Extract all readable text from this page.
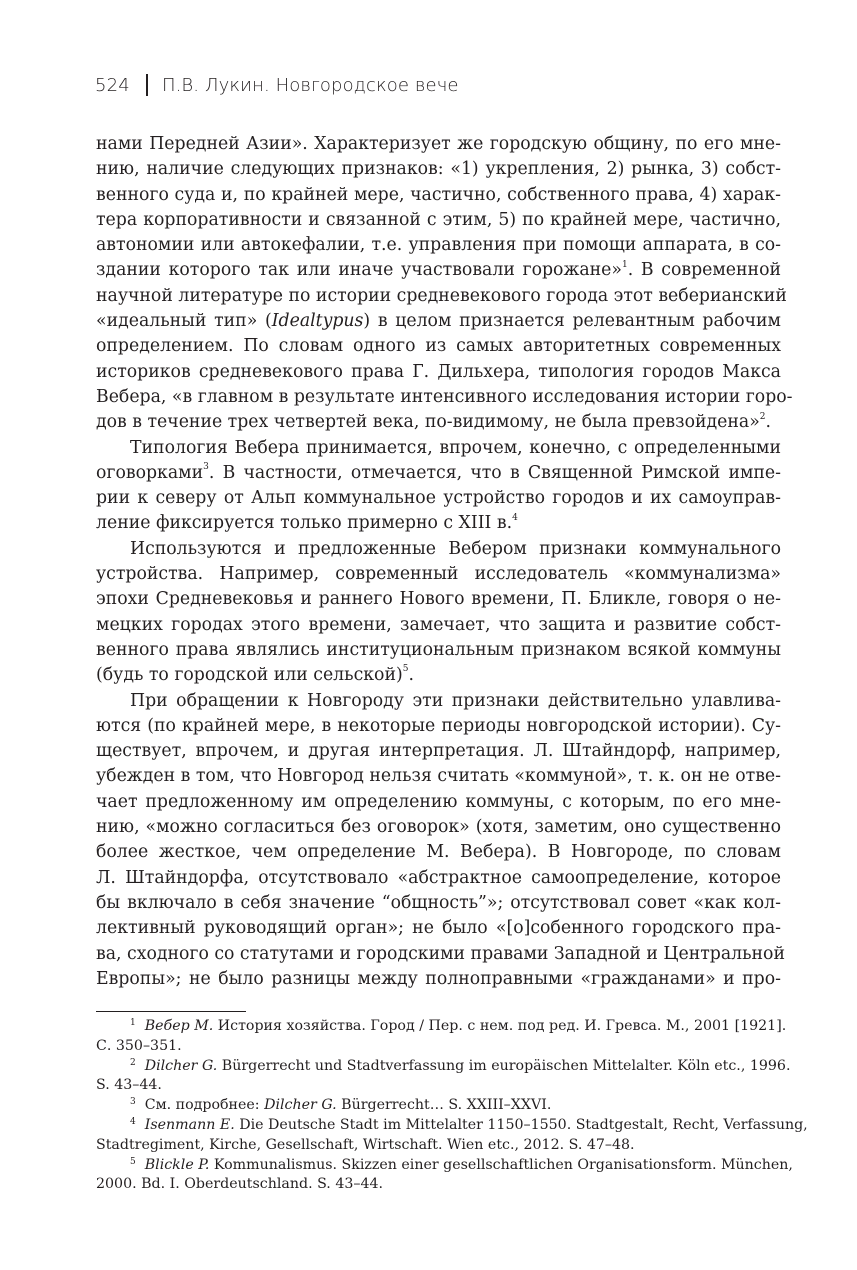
524 П.В. Лукин. Новгородское вече
нами Передней Азии». Характеризует же городскую общину, по его мне-
нию, наличие следующих признаков: «1) укрепления, 2) рынка, 3) собст-
венного суда и, по крайней мере, частично, собственного права, 4) харак-
тера корпоративности и связанной с этим, 5) по крайней мере, частично,
автономии или автокефалии, т.е. управления при помощи аппарата, в со-
здании которого так или иначе участвовали горожане»$^1$. В современной
научной литературе по истории средневекового города этот веберианский
«идеальный тип» (Idealtypus) в целом признается релевантным рабочим
определением. По словам одного из самых авторитетных современных
историков средневекового права Г. Дильхера, типология городов Макса
Вебера, «в главном в результате интенсивного исследования истории горо-
дов в течение трех четвертей века, по-видимому, не была превзойдена»$^2$.
Типология Вебера принимается, впрочем, конечно, с определенными
оговорками$^3$. В частности, отмечается, что в Священной Римской импе-
рии к северу от Альп коммунальное устройство городов и их самоуправ-
ление фиксируется только примерно с XIII в.$^4$
Используются и предложенные Вебером признаки коммунального
устройства. Например, современный исследователь «коммунализма»
эпохи Средневековья и раннего Нового времени, П. Бликле, говоря о не-
мецких городах этого времени, замечает, что защита и развитие собст-
венного права являлись институциональным признаком всякой коммуны
(будь то городской или сельской)$^5$.
При обращении к Новгороду эти признаки действительно улавлива-
ются (по крайней мере, в некоторые периоды новгородской истории). Су-
ществует, впрочем, и другая интерпретация. Л. Штайндорф, например,
убежден в том, что Новгород нельзя считать «коммуной», т. к. он не отве-
чает предложенному им определению коммуны, с которым, по его мне-
нию, «можно согласиться без оговорок» (хотя, заметим, оно существенно
более жесткое, чем определение М. Вебера). В Новгороде, по словам
Л. Штайндорфа, отсутствовало «абстрактное самоопределение, которое
бы включало в себя значение “общность”»; отсутствовал совет «как кол-
лективный руководящий орган»; не было «[о]собенного городского пра-
ва, сходного со статутами и городскими правами Западной и Центральной
Европы»; не было разницы между полноправными «гражданами» и про-
$^1$ Вебер М. История хозяйства. Город / Пер. с нем. под ред. И. Гревса. М., 2001 [1921].
С. 350–351.
$^2$ Dilcher G. Bürgerrecht und Stadtverfassung im europäischen Mittelalter. Köln etc., 1996.
S. 43–44.
$^3$ См. подробнее: Dilcher G. Bürgerrecht… S. XXIII–XXVI.
$^4$ Isenmann E. Die Deutsche Stadt im Mittelalter 1150–1550. Stadtgestalt, Recht, Verfassung,
Stadtregiment, Kirche, Gesellschaft, Wirtschaft. Wien etc., 2012. S. 47–48.
$^5$ Blickle P. Kommunalismus. Skizzen einer gesellschaftlichen Organisationsform. München,
2000. Bd. I. Oberdeutschland. S. 43–44.
